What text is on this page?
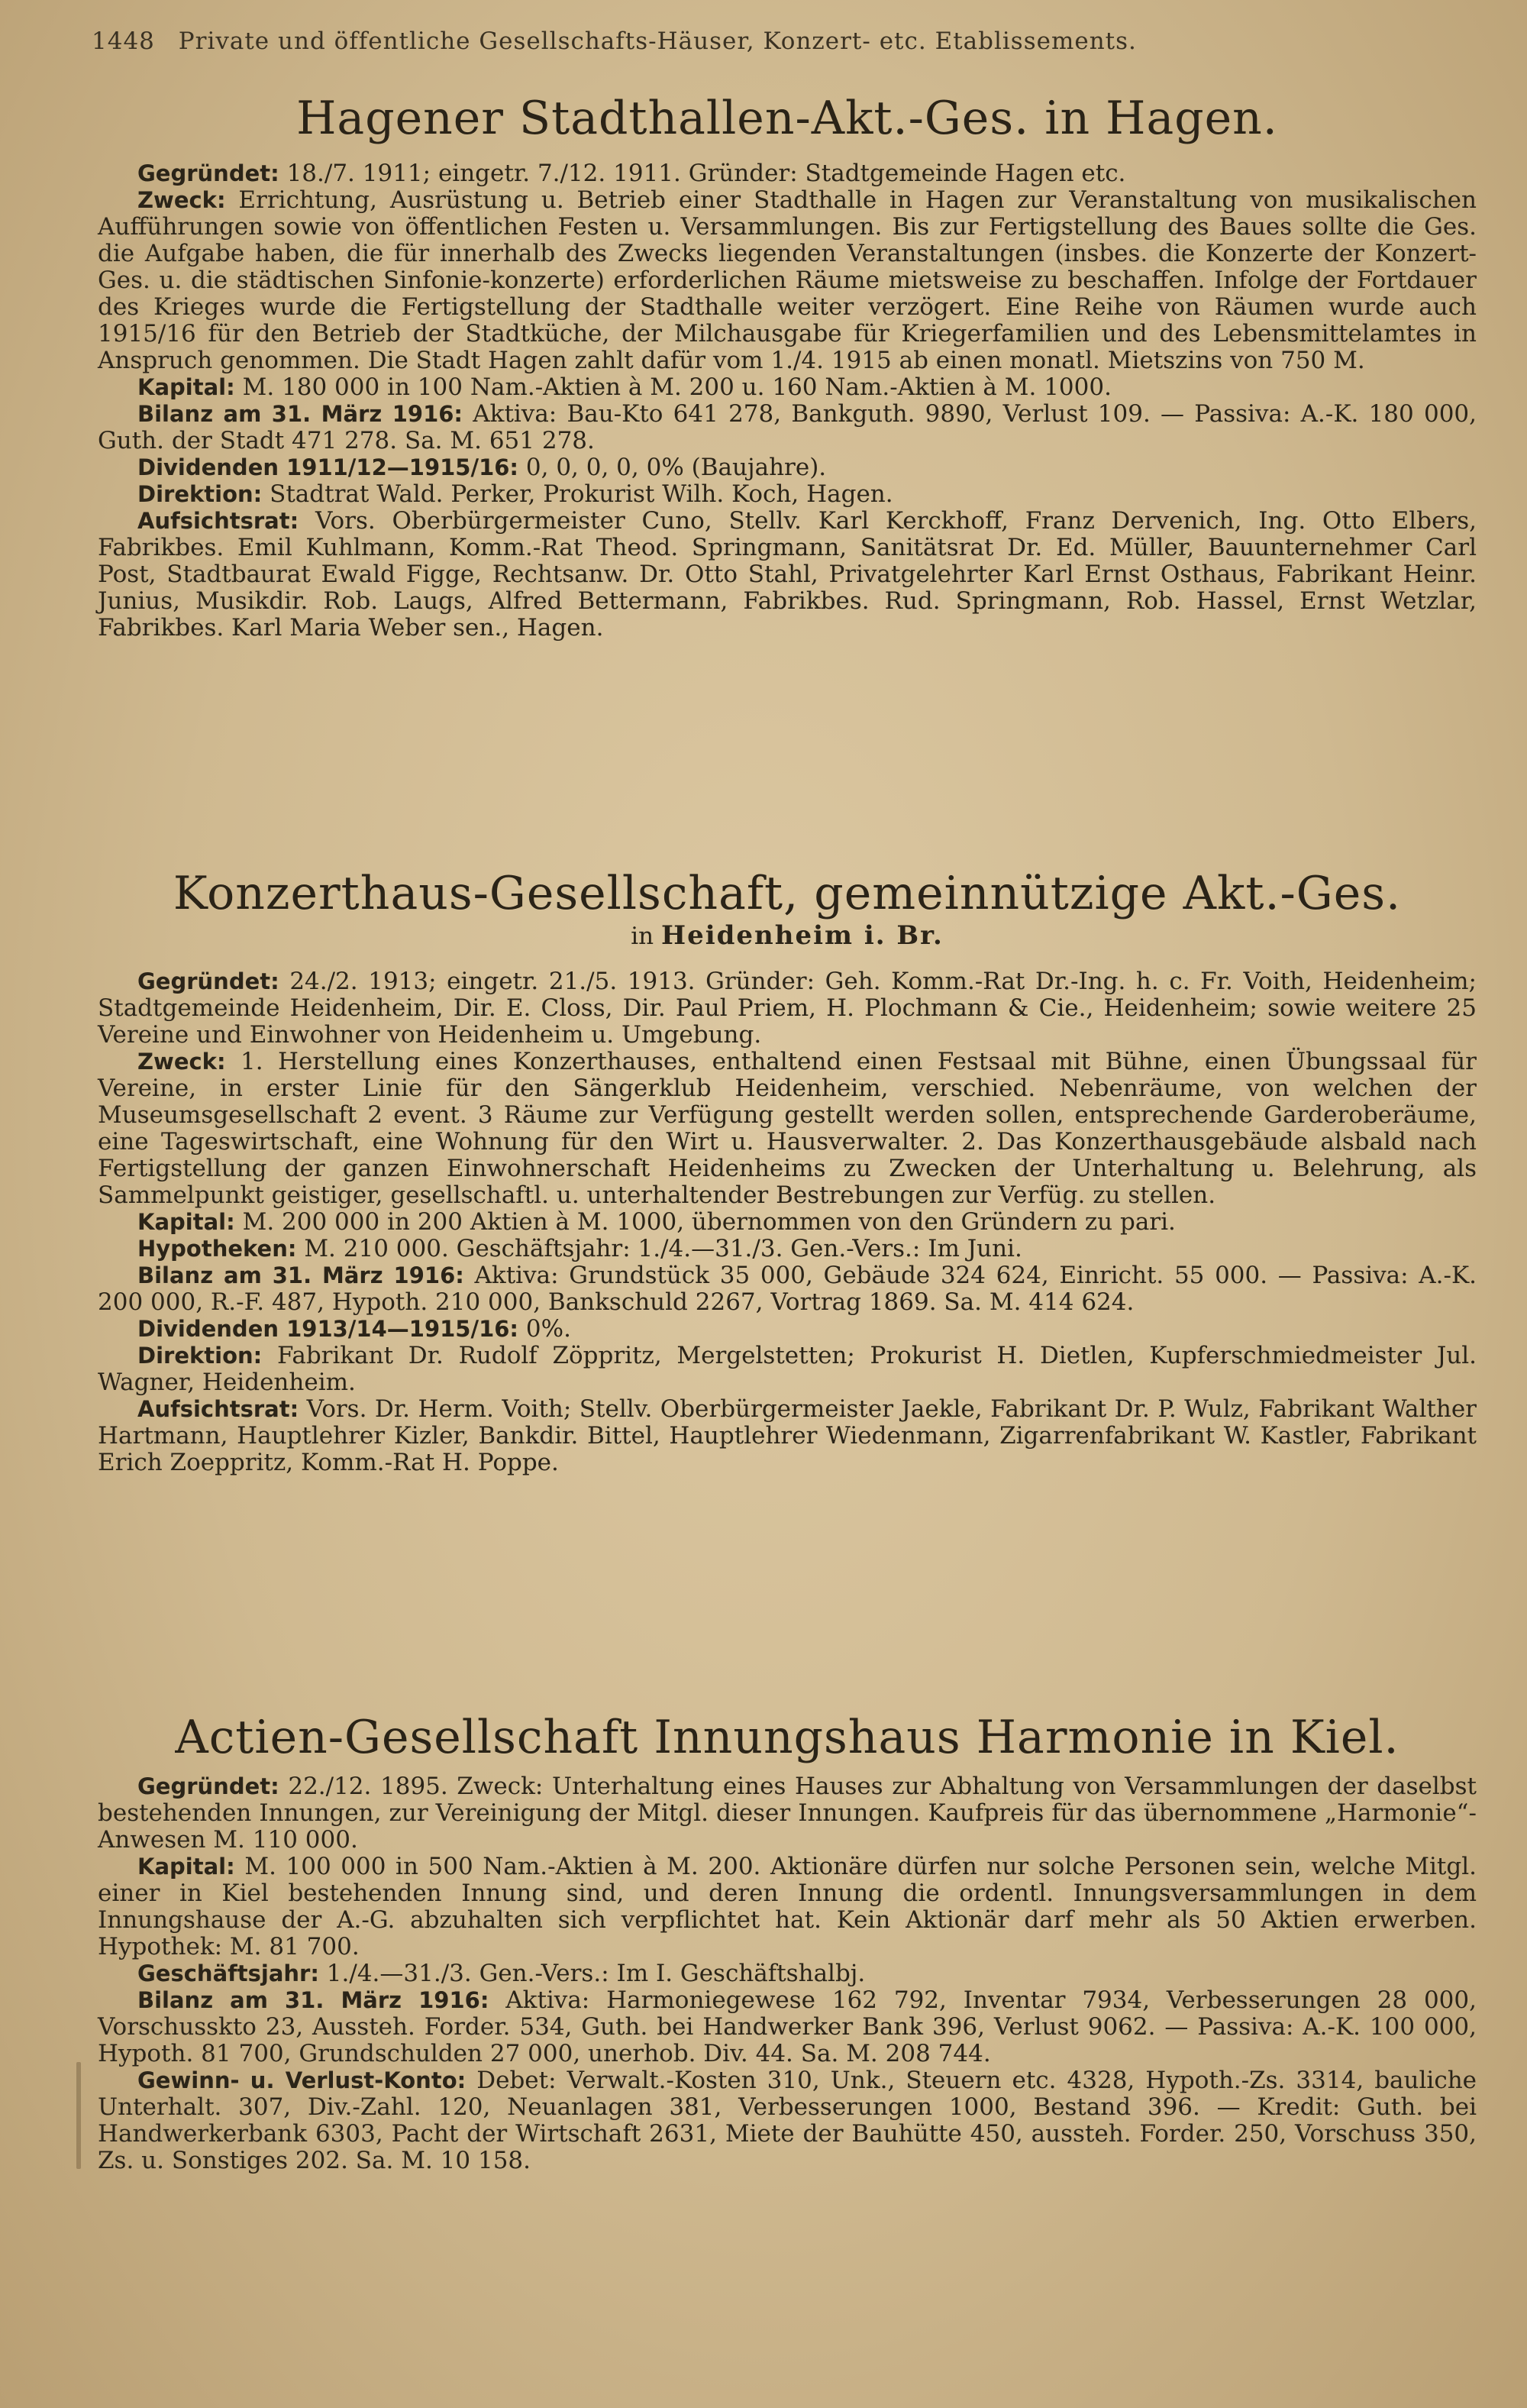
1448 Private und öffentliche Gesellschafts-Häuser, Konzert- etc. Etablissements.
Hagener Stadthallen-Akt.-Ges. in Hagen.

Gegründet: 18./7. 1911; eingetr. 7./12. 1911. Gründer: Stadtgemeinde Hagen etc.

Zweck: Errichtung, Ausrüstung u. Betrieb einer Stadthalle in Hagen zur Veranstaltung von musikalischen Aufführungen sowie von öffentlichen Festen u. Versammlungen. Bis zur Fertigstellung des Baues sollte die Ges. die Aufgabe haben, die für innerhalb des Zwecks liegenden Veranstaltungen (insbes. die Konzerte der Konzert-Ges. u. die städtischen Sinfonie-konzerte) erforderlichen Räume mietsweise zu beschaffen. Infolge der Fortdauer des Krieges wurde die Fertigstellung der Stadthalle weiter verzögert. Eine Reihe von Räumen wurde auch 1915/16 für den Betrieb der Stadtküche, der Milchausgabe für Kriegerfamilien und des Lebensmittelamtes in Anspruch genommen. Die Stadt Hagen zahlt dafür vom 1./4. 1915 ab einen monatl. Mietszins von 750 M.

Kapital: M. 180 000 in 100 Nam.-Aktien à M. 200 u. 160 Nam.-Aktien à M. 1000.

Bilanz am 31. März 1916: Aktiva: Bau-Kto 641 278, Bankguth. 9890, Verlust 109. — Passiva: A.-K. 180 000, Guth. der Stadt 471 278. Sa. M. 651 278.

Dividenden 1911/12—1915/16: 0, 0, 0, 0, 0% (Baujahre).

Direktion: Stadtrat Wald. Perker, Prokurist Wilh. Koch, Hagen.

Aufsichtsrat: Vors. Oberbürgermeister Cuno, Stellv. Karl Kerckhoff, Franz Dervenich, Ing. Otto Elbers, Fabrikbes. Emil Kuhlmann, Komm.-Rat Theod. Springmann, Sanitätsrat Dr. Ed. Müller, Bauunternehmer Carl Post, Stadtbaurat Ewald Figge, Rechtsanw. Dr. Otto Stahl, Privatgelehrter Karl Ernst Osthaus, Fabrikant Heinr. Junius, Musikdir. Rob. Laugs, Alfred Bettermann, Fabrikbes. Rud. Springmann, Rob. Hassel, Ernst Wetzlar, Fabrikbes. Karl Maria Weber sen., Hagen.

Konzerthaus-Gesellschaft, gemeinnützige Akt.-Ges.
in Heidenheim i. Br.

Gegründet: 24./2. 1913; eingetr. 21./5. 1913. Gründer: Geh. Komm.-Rat Dr.-Ing. h. c. Fr. Voith, Heidenheim; Stadtgemeinde Heidenheim, Dir. E. Closs, Dir. Paul Priem, H. Plochmann & Cie., Heidenheim; sowie weitere 25 Vereine und Einwohner von Heidenheim u. Umgebung.

Zweck: 1. Herstellung eines Konzerthauses, enthaltend einen Festsaal mit Bühne, einen Übungssaal für Vereine, in erster Linie für den Sängerklub Heidenheim, verschied. Nebenräume, von welchen der Museumsgesellschaft 2 event. 3 Räume zur Verfügung gestellt werden sollen, entsprechende Garderoberäume, eine Tageswirtschaft, eine Wohnung für den Wirt u. Hausverwalter. 2. Das Konzerthausgebäude alsbald nach Fertigstellung der ganzen Einwohnerschaft Heidenheims zu Zwecken der Unterhaltung u. Belehrung, als Sammelpunkt geistiger, gesellschaftl. u. unterhaltender Bestrebungen zur Verfüg. zu stellen.

Kapital: M. 200 000 in 200 Aktien à M. 1000, übernommen von den Gründern zu pari.

Hypotheken: M. 210 000. Geschäftsjahr: 1./4.—31./3. Gen.-Vers.: Im Juni.

Bilanz am 31. März 1916: Aktiva: Grundstück 35 000, Gebäude 324 624, Einricht. 55 000. — Passiva: A.-K. 200 000, R.-F. 487, Hypoth. 210 000, Bankschuld 2267, Vortrag 1869. Sa. M. 414 624.

Dividenden 1913/14—1915/16: 0%.

Direktion: Fabrikant Dr. Rudolf Zöppritz, Mergelstetten; Prokurist H. Dietlen, Kupferschmiedmeister Jul. Wagner, Heidenheim.

Aufsichtsrat: Vors. Dr. Herm. Voith; Stellv. Oberbürgermeister Jaekle, Fabrikant Dr. P. Wulz, Fabrikant Walther Hartmann, Hauptlehrer Kizler, Bankdir. Bittel, Hauptlehrer Wiedenmann, Zigarrenfabrikant W. Kastler, Fabrikant Erich Zoeppritz, Komm.-Rat H. Poppe.

Actien-Gesellschaft Innungshaus Harmonie in Kiel.

Gegründet: 22./12. 1895. Zweck: Unterhaltung eines Hauses zur Abhaltung von Versammlungen der daselbst bestehenden Innungen, zur Vereinigung der Mitgl. dieser Innungen. Kaufpreis für das übernommene „Harmonie“-Anwesen M. 110 000.

Kapital: M. 100 000 in 500 Nam.-Aktien à M. 200. Aktionäre dürfen nur solche Personen sein, welche Mitgl. einer in Kiel bestehenden Innung sind, und deren Innung die ordentl. Innungsversammlungen in dem Innungshause der A.-G. abzuhalten sich verpflichtet hat. Kein Aktionär darf mehr als 50 Aktien erwerben. Hypothek: M. 81 700.

Geschäftsjahr: 1./4.—31./3. Gen.-Vers.: Im I. Geschäftshalbj.

Bilanz am 31. März 1916: Aktiva: Harmoniegewese 162 792, Inventar 7934, Verbesserungen 28 000, Vorschusskto 23, Aussteh. Forder. 534, Guth. bei Handwerker Bank 396, Verlust 9062. — Passiva: A.-K. 100 000, Hypoth. 81 700, Grundschulden 27 000, unerhob. Div. 44. Sa. M. 208 744.

Gewinn- u. Verlust-Konto: Debet: Verwalt.-Kosten 310, Unk., Steuern etc. 4328, Hypoth.-Zs. 3314, bauliche Unterhalt. 307, Div.-Zahl. 120, Neuanlagen 381, Verbesserungen 1000, Bestand 396. — Kredit: Guth. bei Handwerkerbank 6303, Pacht der Wirtschaft 2631, Miete der Bauhütte 450, aussteh. Forder. 250, Vorschuss 350, Zs. u. Sonstiges 202. Sa. M. 10 158.
